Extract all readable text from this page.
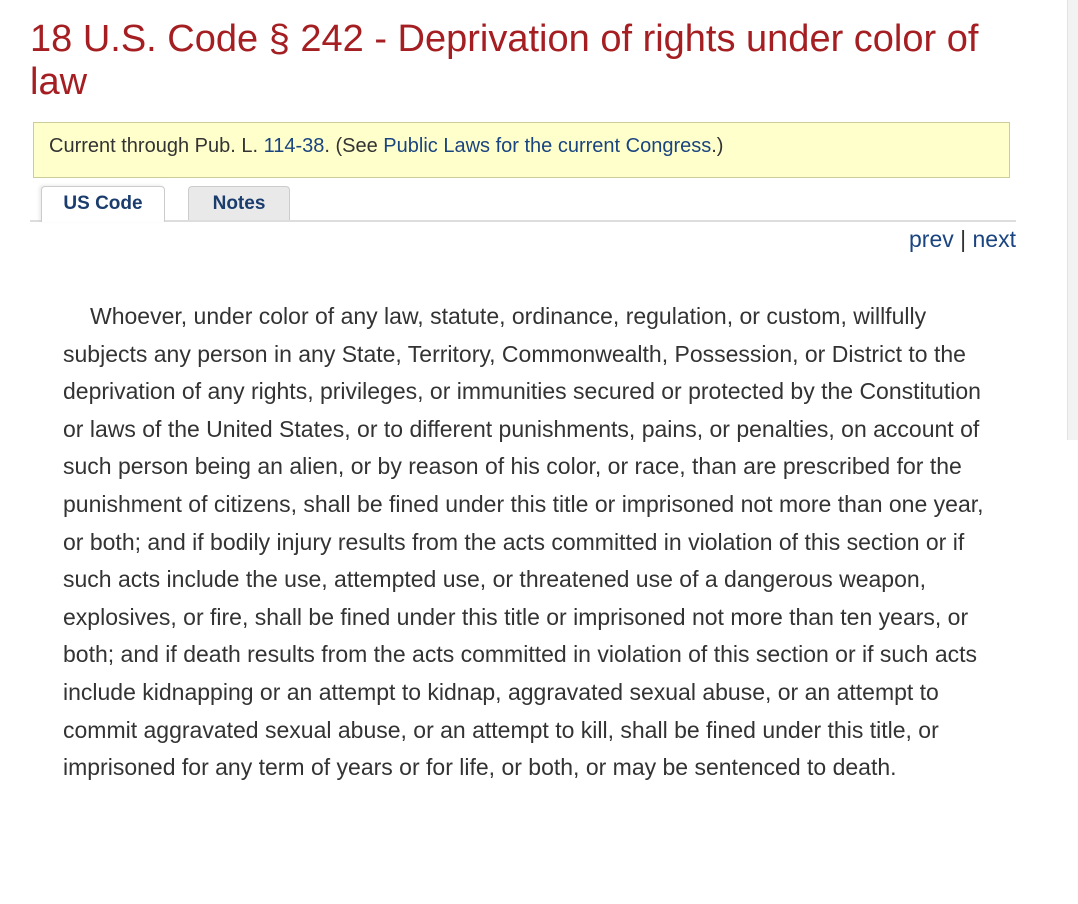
18 U.S. Code § 242 - Deprivation of rights under color of law
Current through Pub. L. 114-38. (See Public Laws for the current Congress.)
US Code	Notes
prev | next

Whoever, under color of any law, statute, ordinance, regulation, or custom, willfully subjects any person in any State, Territory, Commonwealth, Possession, or District to the deprivation of any rights, privileges, or immunities secured or protected by the Constitution or laws of the United States, or to different punishments, pains, or penalties, on account of such person being an alien, or by reason of his color, or race, than are prescribed for the punishment of citizens, shall be fined under this title or imprisoned not more than one year, or both; and if bodily injury results from the acts committed in violation of this section or if such acts include the use, attempted use, or threatened use of a dangerous weapon, explosives, or fire, shall be fined under this title or imprisoned not more than ten years, or both; and if death results from the acts committed in violation of this section or if such acts include kidnapping or an attempt to kidnap, aggravated sexual abuse, or an attempt to commit aggravated sexual abuse, or an attempt to kill, shall be fined under this title, or imprisoned for any term of years or for life, or both, or may be sentenced to death.
